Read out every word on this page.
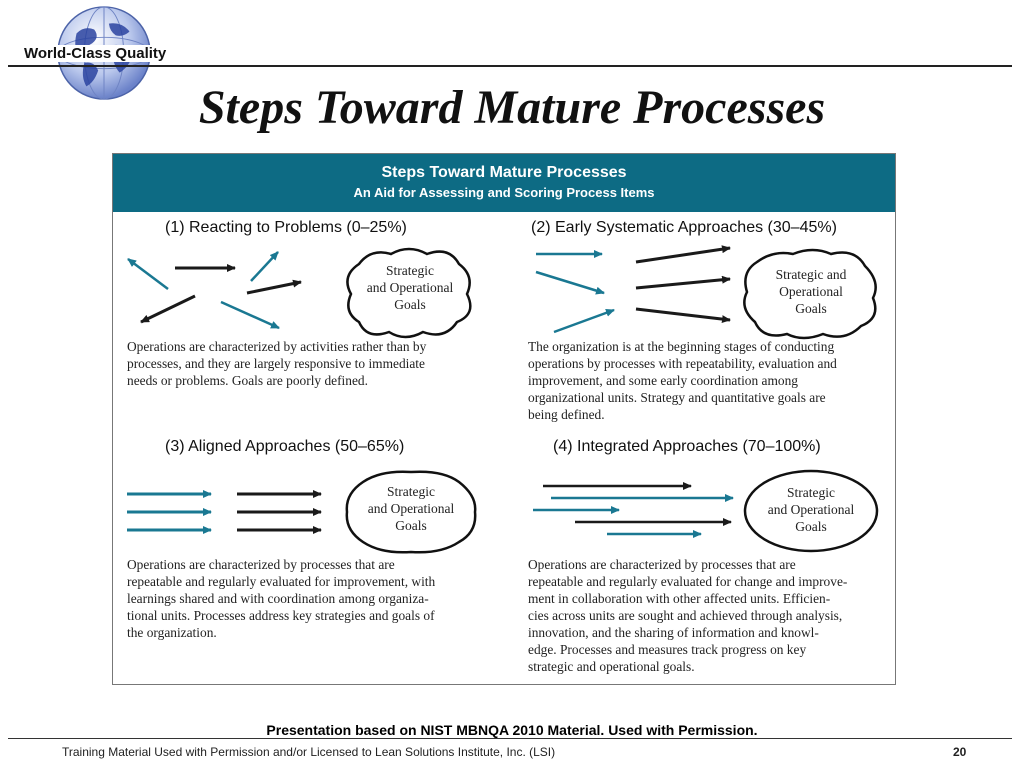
World-Class Quality
Steps Toward Mature Processes
Steps Toward Mature Processes
An Aid for Assessing and Scoring Process Items
(1) Reacting to Problems (0–25%)
Strategic
and Operational
Goals
Operations are characterized by activities rather than by
processes, and they are largely responsive to immediate
needs or problems. Goals are poorly defined.
(2) Early Systematic Approaches (30–45%)
Strategic and
Operational
Goals
The organization is at the beginning stages of conducting
operations by processes with repeatability, evaluation and
improvement, and some early coordination among
organizational units. Strategy and quantitative goals are
being defined.
(3) Aligned Approaches (50–65%)
Strategic
and Operational
Goals
Operations are characterized by processes that are
repeatable and regularly evaluated for improvement, with
learnings shared and with coordination among organiza-
tional units. Processes address key strategies and goals of
the organization.
(4) Integrated Approaches (70–100%)
Strategic
and Operational
Goals
Operations are characterized by processes that are
repeatable and regularly evaluated for change and improve-
ment in collaboration with other affected units. Efficien-
cies across units are sought and achieved through analysis,
innovation, and the sharing of information and knowl-
edge. Processes and measures track progress on key
strategic and operational goals.
Presentation based on NIST MBNQA 2010 Material. Used with Permission.
Training Material Used with Permission and/or Licensed to Lean Solutions Institute, Inc. (LSI)	20
